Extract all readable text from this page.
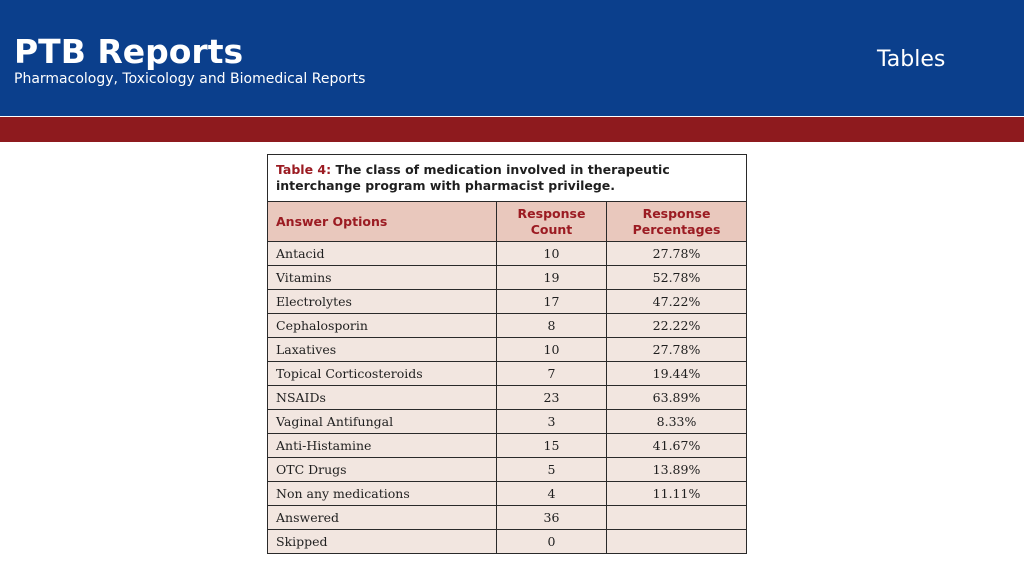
PTB Reports
Pharmacology, Toxicology and Biomedical Reports
Tables
Table 4: The class of medication involved in therapeutic interchange program with pharmacist privilege.		
Answer Options	Response Count	Response Percentages
Antacid	10	27.78%
Vitamins	19	52.78%
Electrolytes	17	47.22%
Cephalosporin	8	22.22%
Laxatives	10	27.78%
Topical Corticosteroids	7	19.44%
NSAIDs	23	63.89%
Vaginal Antifungal	3	8.33%
Anti-Histamine	15	41.67%
OTC Drugs	5	13.89%
Non any medications	4	11.11%
Answered	36	
Skipped	0	
